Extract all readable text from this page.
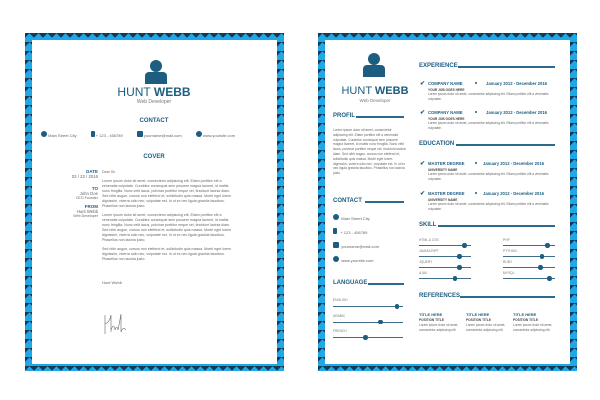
HUNT WEBB
Web Developer
CONTACT
Main Street City	+ 123 - 456789	yourname@mail.com	www.yoursite.com
COVER
DATE
02 / 22 / 2016
TO
John Doe
CEO Founder
FROM
Hunt Webb
Web Developer
Dear Sir
Lorem ipsum dolor sit amet, consectetur adipiscing elit. Etiam porttitor elit a venenatis vulputate. Curabitur consequat sem posuere magna laoreet, id mattis nunc fringilla. Nunc velit lacus, pulvinar porttitor neque vel, tincidunt lacinia diam. Sed nibh augue, cursus non eleifend et, sollicitudin quis massa. Morbi eget lorem dignissim, viverra odio nec, vulputate est. In ut ex nec ligula gravida faucibus. Phasellus non lacinia justo.
Lorem ipsum dolor sit amet, consectetur adipiscing elit. Etiam porttitor elit a venenatis vulputate. Curabitur consequat sem posuere magna laoreet, id mattis nunc fringilla. Nunc velit lacus, pulvinar porttitor neque vel, tincidunt lacinia diam. Sed nibh augue, cursus non eleifend et, sollicitudin quis massa. Morbi eget lorem dignissim, viverra odio nec, vulputate est. In ut ex nec ligula gravida faucibus. Phasellus non lacinia justo.
Sed nibh augue, cursus non eleifend et, sollicitudin quis massa. Morbi eget lorem dignissim, viverra odio nec, vulputate est. In ut ex nec ligula gravida faucibus. Phasellus non lacinia justo.
Hunt Webb
HUNT WEBB
Web Developer
PROFIL
Lorem ipsum dolor sit amet, consectetur adipiscing elit. Etiam porttitor elit a venenatis vulputate. Curabitur consequat sem posuere magna laoreet, id mattis nunc fringilla. Nunc velit lacus, pulvinar porttitor neque vel, tincidunt lacinia diam. Sed nibh augue, cursus non eleifend et, sollicitudin quis massa. Morbi eget lorem dignissim, viverra odio nec, vulputate est. In ut ex nec ligula gravida faucibus. Phasellus non lacinia justo.
CONTACT
Main Street City
+ 123 - 456789
yourname@mail.com
www.yoursite.com
LANGUAGE
ENGLISH
ARABIC
FRENCH
EXPERIENCE
✔ COMPANY NAME	January 2012 - December 2016
YOUR JOB GOES HERE
Lorem ipsum dolor sit amet, consectetur adipiscing elit. Etiam porttitor elit a venenatis vulputate.
✔ COMPANY NAME	January 2012 - December 2016
YOUR JOB GOES HERE
Lorem ipsum dolor sit amet, consectetur adipiscing elit. Etiam porttitor elit a venenatis vulputate.
EDUCATION
✔ MASTER DEGREE	January 2012 - December 2016
UNIVERSITY NAME
Lorem ipsum dolor sit amet, consectetur adipiscing elit. Etiam porttitor elit a venenatis vulputate.
✔ MASTER DEGREE	January 2012 - December 2016
UNIVERSITY NAME
Lorem ipsum dolor sit amet, consectetur adipiscing elit. Etiam porttitor elit a venenatis vulputate.
SKILL
HTML & CSS
JAVASCRIPT
JQUERY
AJAX
PHP
PYTHON
RUBY
MYSQL
REFERENCES
TITLE HERE
POSITION TITLE
Lorem ipsum dolor sit amet, consectetur adipiscing elit.
TITLE HERE
POSITION TITLE
Lorem ipsum dolor sit amet, consectetur adipiscing elit.
TITLE HERE
POSITION TITLE
Lorem ipsum dolor sit amet, consectetur adipiscing elit.
